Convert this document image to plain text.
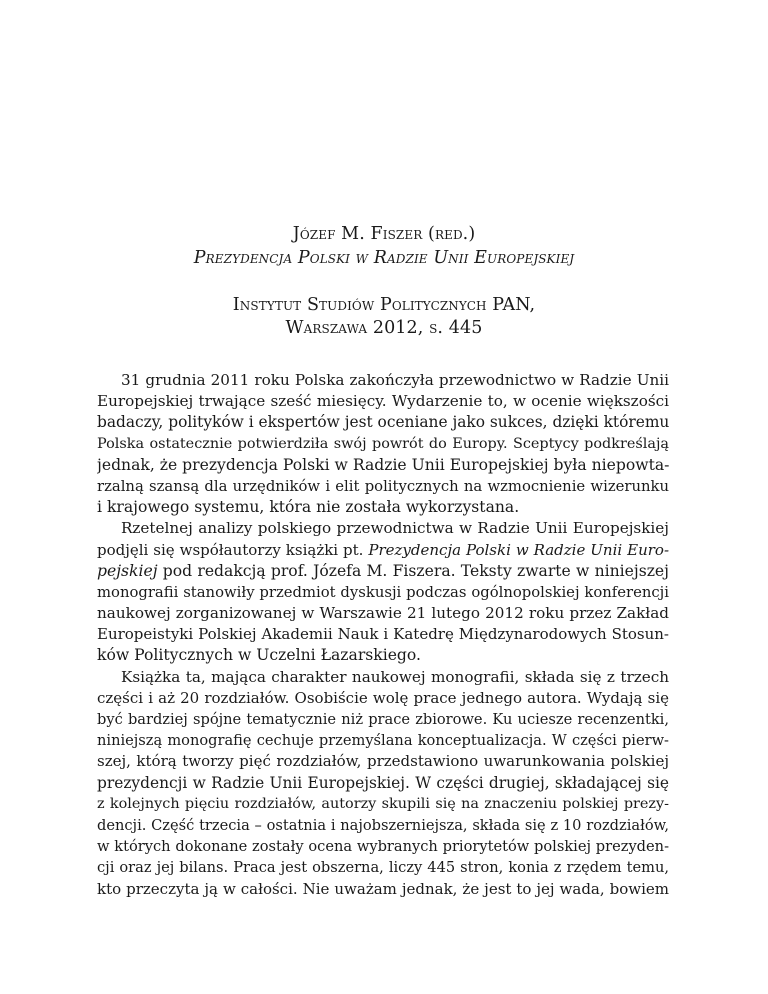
Józef M. Fiszer (red.)
Prezydencja Polski w Radzie Unii Europejskiej
Instytut Studiów Politycznych PAN,
Warszawa 2012, s. 445
31 grudnia 2011 roku Polska zakończyła przewodnictwo w Radzie Unii
Europejskiej trwające sześć miesięcy. Wydarzenie to, w ocenie większości
badaczy, polityków i ekspertów jest oceniane jako sukces, dzięki któremu
Polska ostatecznie potwierdziła swój powrót do Europy. Sceptycy podkreślają
jednak, że prezydencja Polski w Radzie Unii Europejskiej była niepowta-
rzalną szansą dla urzędników i elit politycznych na wzmocnienie wizerunku
i krajowego systemu, która nie została wykorzystana.
Rzetelnej analizy polskiego przewodnictwa w Radzie Unii Europejskiej
podjęli się współautorzy książki pt. Prezydencja Polski w Radzie Unii Euro-
pejskiej pod redakcją prof. Józefa M. Fiszera. Teksty zwarte w niniejszej
monografii stanowiły przedmiot dyskusji podczas ogólnopolskiej konferencji
naukowej zorganizowanej w Warszawie 21 lutego 2012 roku przez Zakład
Europeistyki Polskiej Akademii Nauk i Katedrę Międzynarodowych Stosun-
ków Politycznych w Uczelni Łazarskiego.
Książka ta, mająca charakter naukowej monografii, składa się z trzech
części i aż 20 rozdziałów. Osobiście wolę prace jednego autora. Wydają się
być bardziej spójne tematycznie niż prace zbiorowe. Ku uciesze recenzentki,
niniejszą monografię cechuje przemyślana konceptualizacja. W części pierw-
szej, którą tworzy pięć rozdziałów, przedstawiono uwarunkowania polskiej
prezydencji w Radzie Unii Europejskiej. W części drugiej, składającej się
z kolejnych pięciu rozdziałów, autorzy skupili się na znaczeniu polskiej prezy-
dencji. Część trzecia – ostatnia i najobszerniejsza, składa się z 10 rozdziałów,
w których dokonane zostały ocena wybranych priorytetów polskiej prezyden-
cji oraz jej bilans. Praca jest obszerna, liczy 445 stron, konia z rzędem temu,
kto przeczyta ją w całości. Nie uważam jednak, że jest to jej wada, bowiem
